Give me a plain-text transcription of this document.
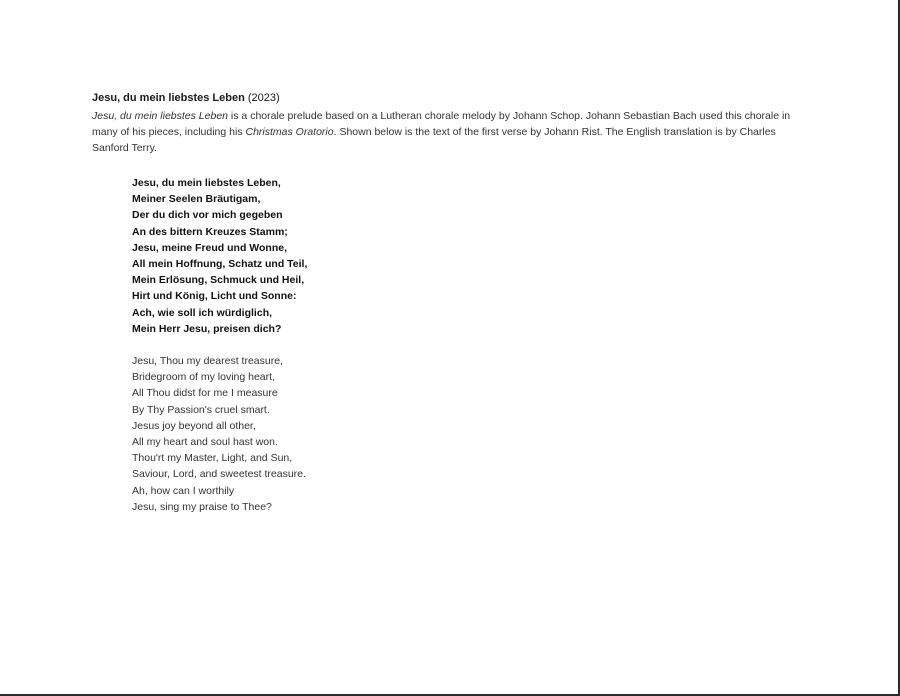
Jesu, du mein liebstes Leben (2023)

Jesu, du mein liebstes Leben is a chorale prelude based on a Lutheran chorale melody by Johann Schop. Johann Sebastian Bach used this chorale in many of his pieces, including his Christmas Oratorio. Shown below is the text of the first verse by Johann Rist. The English translation is by Charles Sanford Terry.

Jesu, du mein liebstes Leben,
Meiner Seelen Bräutigam,
Der du dich vor mich gegeben
An des bittern Kreuzes Stamm;
Jesu, meine Freud und Wonne,
All mein Hoffnung, Schatz und Teil,
Mein Erlösung, Schmuck und Heil,
Hirt und König, Licht und Sonne:
Ach, wie soll ich würdiglich,
Mein Herr Jesu, preisen dich?
Jesu, Thou my dearest treasure,
Bridegroom of my loving heart,
All Thou didst for me I measure
By Thy Passion's cruel smart.
Jesus joy beyond all other,
All my heart and soul hast won.
Thou'rt my Master, Light, and Sun,
Saviour, Lord, and sweetest treasure.
Ah, how can I worthily
Jesu, sing my praise to Thee?
